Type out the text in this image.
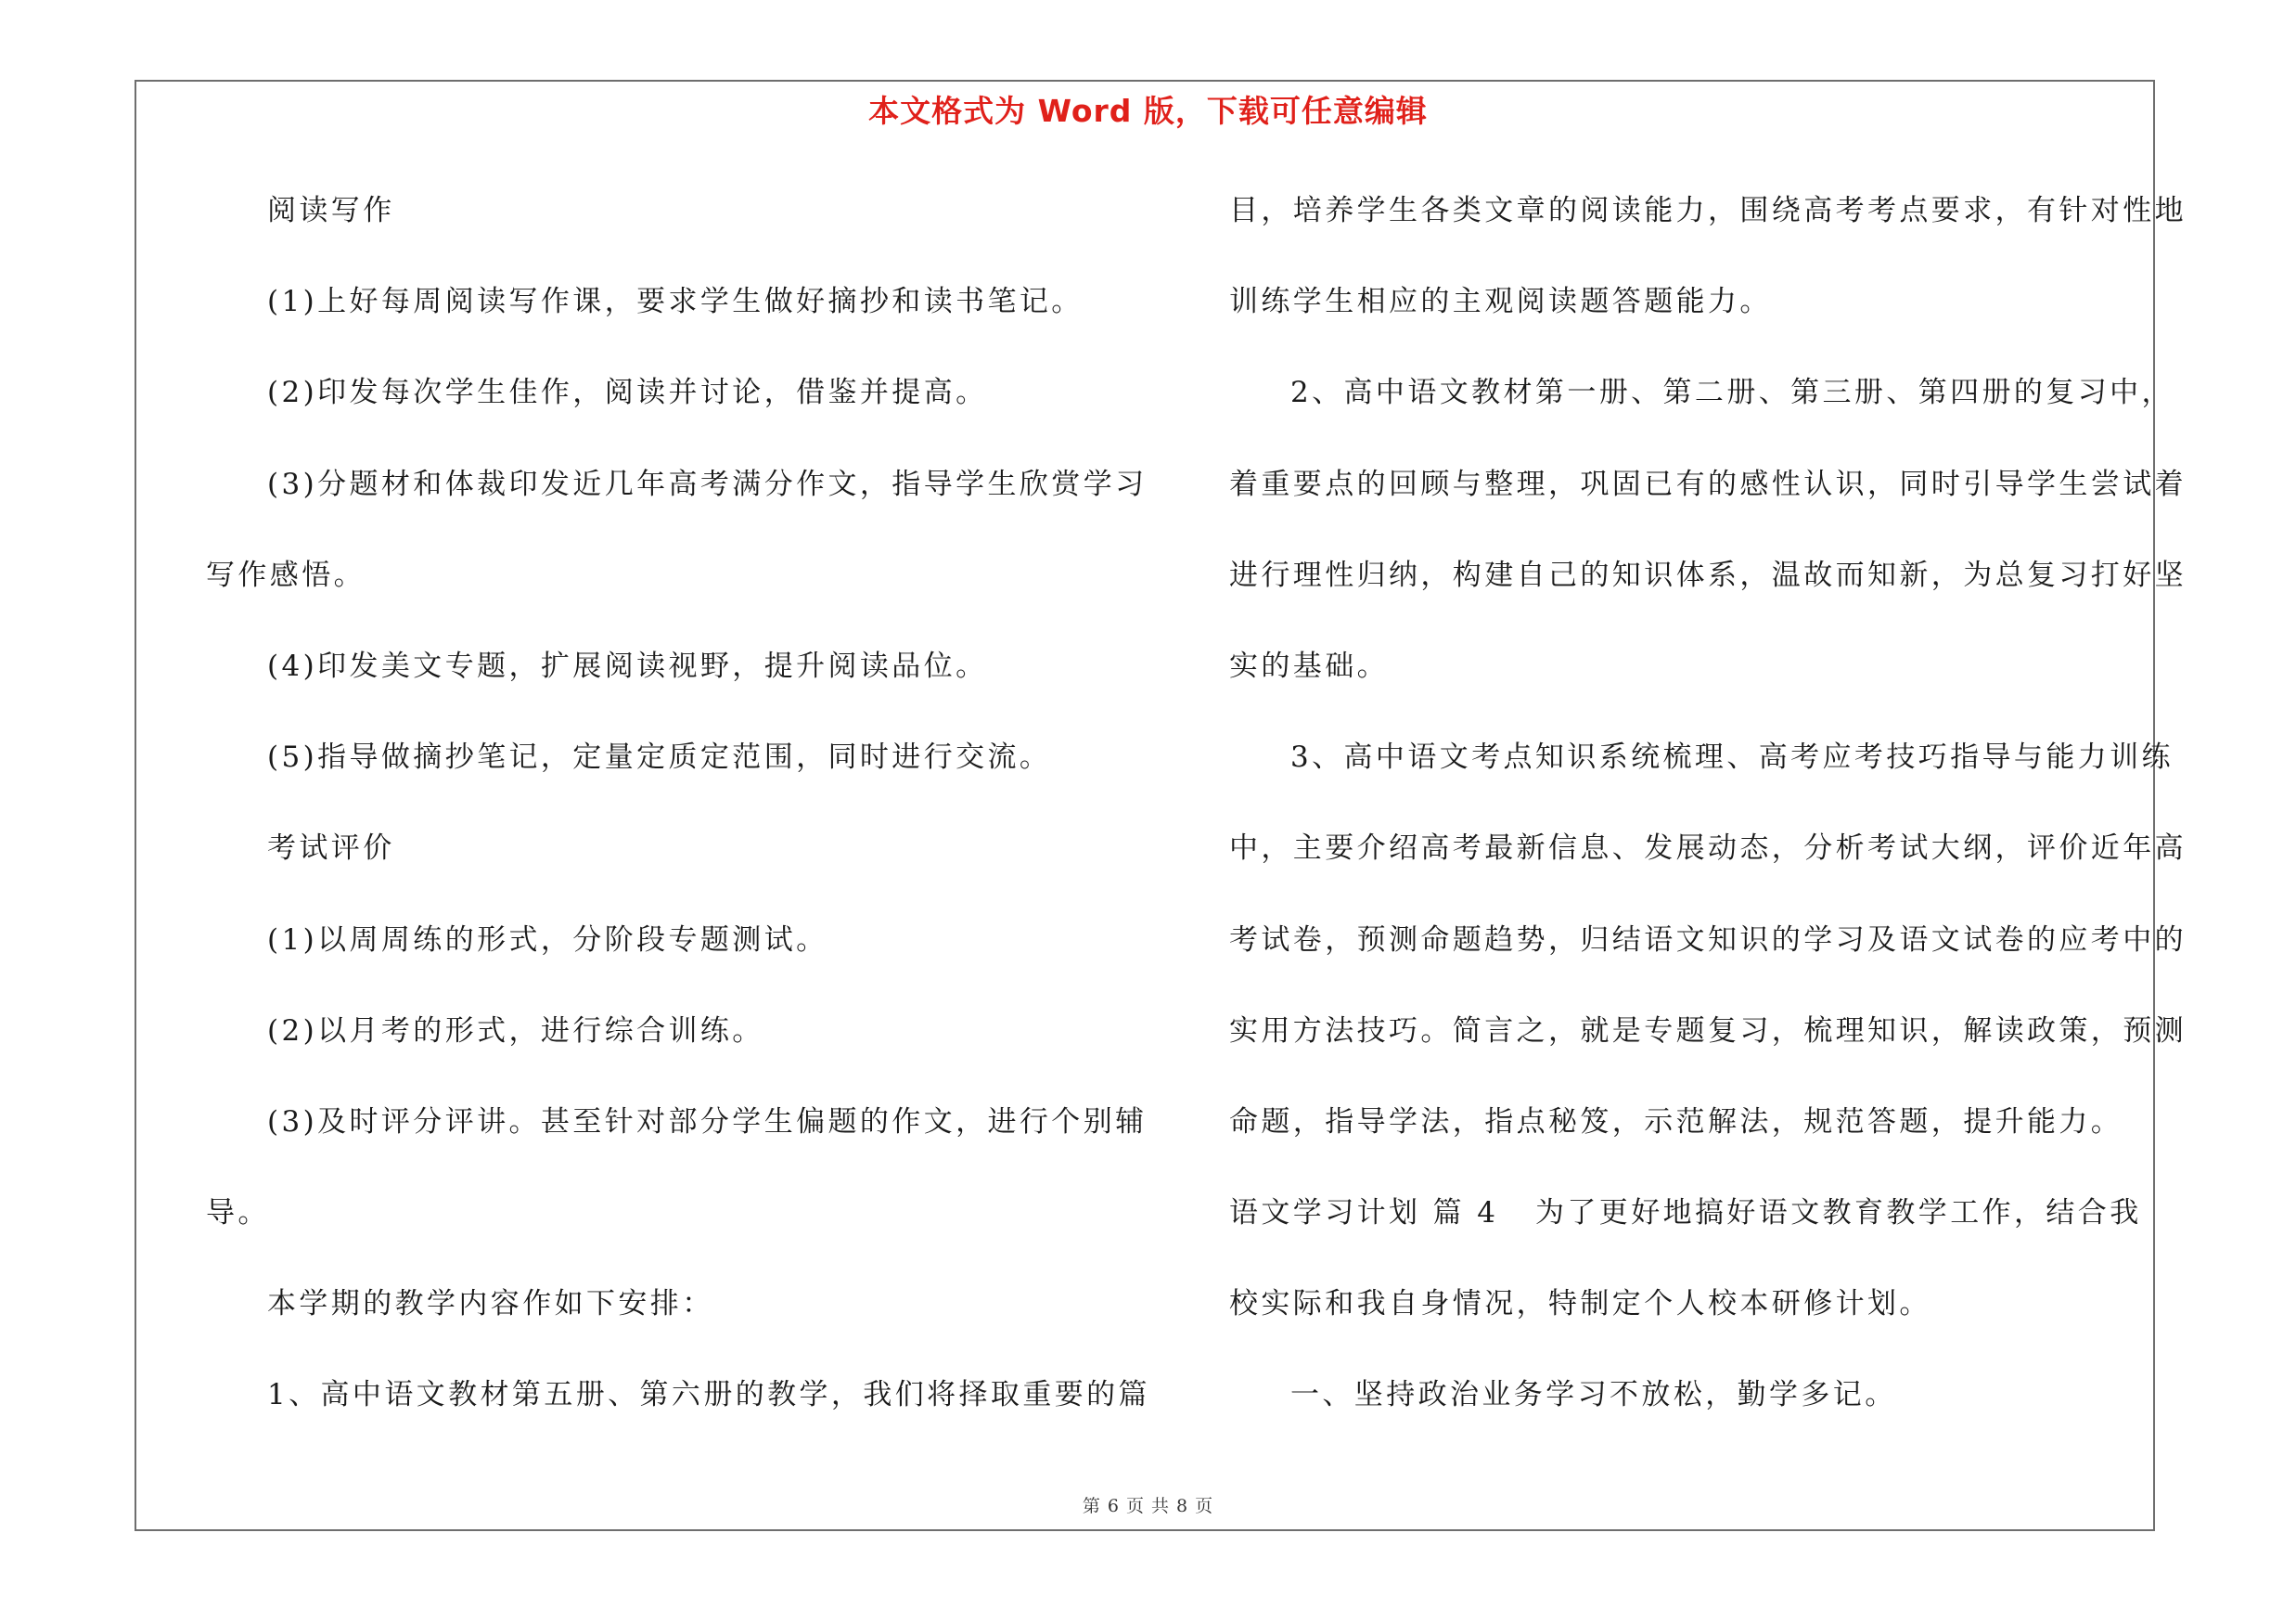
本文格式为 Word 版，下载可任意编辑
阅读写作
(1)上好每周阅读写作课，要求学生做好摘抄和读书笔记。
(2)印发每次学生佳作，阅读并讨论，借鉴并提高。
(3)分题材和体裁印发近几年高考满分作文，指导学生欣赏学习
写作感悟。
(4)印发美文专题，扩展阅读视野，提升阅读品位。
(5)指导做摘抄笔记，定量定质定范围，同时进行交流。
考试评价
(1)以周周练的形式，分阶段专题测试。
(2)以月考的形式，进行综合训练。
(3)及时评分评讲。甚至针对部分学生偏题的作文，进行个别辅
导。
本学期的教学内容作如下安排：
1、高中语文教材第五册、第六册的教学，我们将择取重要的篇
目，培养学生各类文章的阅读能力，围绕高考考点要求，有针对性地
训练学生相应的主观阅读题答题能力。
2、高中语文教材第一册、第二册、第三册、第四册的复习中，
着重要点的回顾与整理，巩固已有的感性认识，同时引导学生尝试着
进行理性归纳，构建自己的知识体系，温故而知新，为总复习打好坚
实的基础。
3、高中语文考点知识系统梳理、高考应考技巧指导与能力训练
中，主要介绍高考最新信息、发展动态，分析考试大纲，评价近年高
考试卷，预测命题趋势，归结语文知识的学习及语文试卷的应考中的
实用方法技巧。简言之，就是专题复习，梳理知识，解读政策，预测
命题，指导学法，指点秘笈，示范解法，规范答题，提升能力。
语文学习计划 篇 4	为了更好地搞好语文教育教学工作，结合我
校实际和我自身情况，特制定个人校本研修计划。
一、坚持政治业务学习不放松，勤学多记。
第 6 页 共 8 页
